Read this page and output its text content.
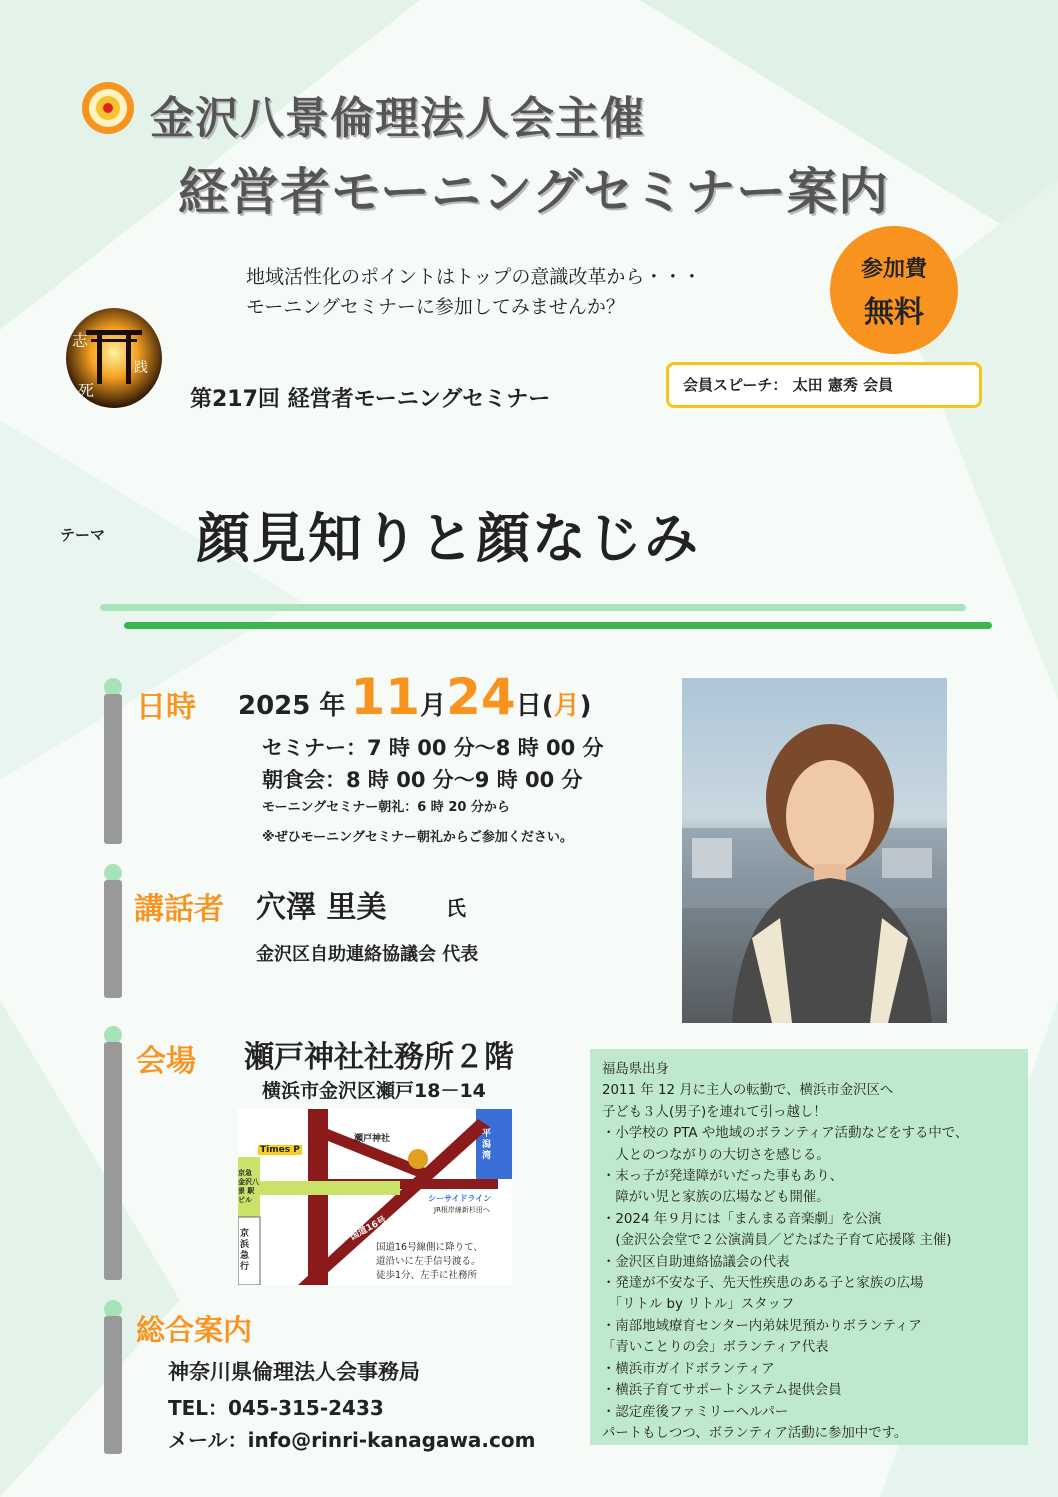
金沢八景倫理法人会主催
経営者モーニングセミナー案内
地域活性化のポイントはトップの意識改革から・・・
モーニングセミナーに参加してみませんか？
参加費
無料
志
践
死	第217回 経営者モーニングセミナー
会員スピーチ： 太田 憲秀 会員
テーマ 顔見知りと顔なじみ
日時 2025 年 11月24日(月)
セミナー：7 時 00 分〜8 時 00 分
朝食会：8 時 00 分〜9 時 00 分
モーニングセミナー朝礼：6 時 20 分から
※ぜひモーニングセミナー朝礼からご参加ください。
講話者 穴澤 里美	氏
金沢区自助連絡協議会 代表
会場 瀬戸神社社務所２階
横浜市金沢区瀬戸18－14
瀬戸神社
Times P
京急 金沢八景 駅ビル
京浜急行
国道16号
シーサイドライン
JR根岸線新杉田へ
平潟湾
国道16号線側に降りて、
道沿いに左手信号渡る。
徒歩1分、左手に社務所
総合案内
神奈川県倫理法人会事務局
TEL：045-315-2433
メール：info@rinri-kanagawa.com
福島県出身
2011 年 12 月に主人の転勤で、横浜市金沢区へ
子ども３人(男子)を連れて引っ越し！
・小学校の PTA や地域のボランティア活動などをする中で、
　人とのつながりの大切さを感じる。
・末っ子が発達障がいだった事もあり、
　障がい児と家族の広場なども開催。
・2024 年９月には「まんまる音楽劇」を公演
　(金沢公会堂で２公演満員／どたばた子育て応援隊 主催)
・金沢区自助連絡協議会の代表
・発達が不安な子、先天性疾患のある子と家族の広場
　「リトル by リトル」スタッフ
・南部地域療育センター内弟妹児預かりボランティア
「青いことりの会」ボランティア代表
・横浜市ガイドボランティア
・横浜子育てサポートシステム提供会員
・認定産後ファミリーヘルパー
パートもしつつ、ボランティア活動に参加中です。
